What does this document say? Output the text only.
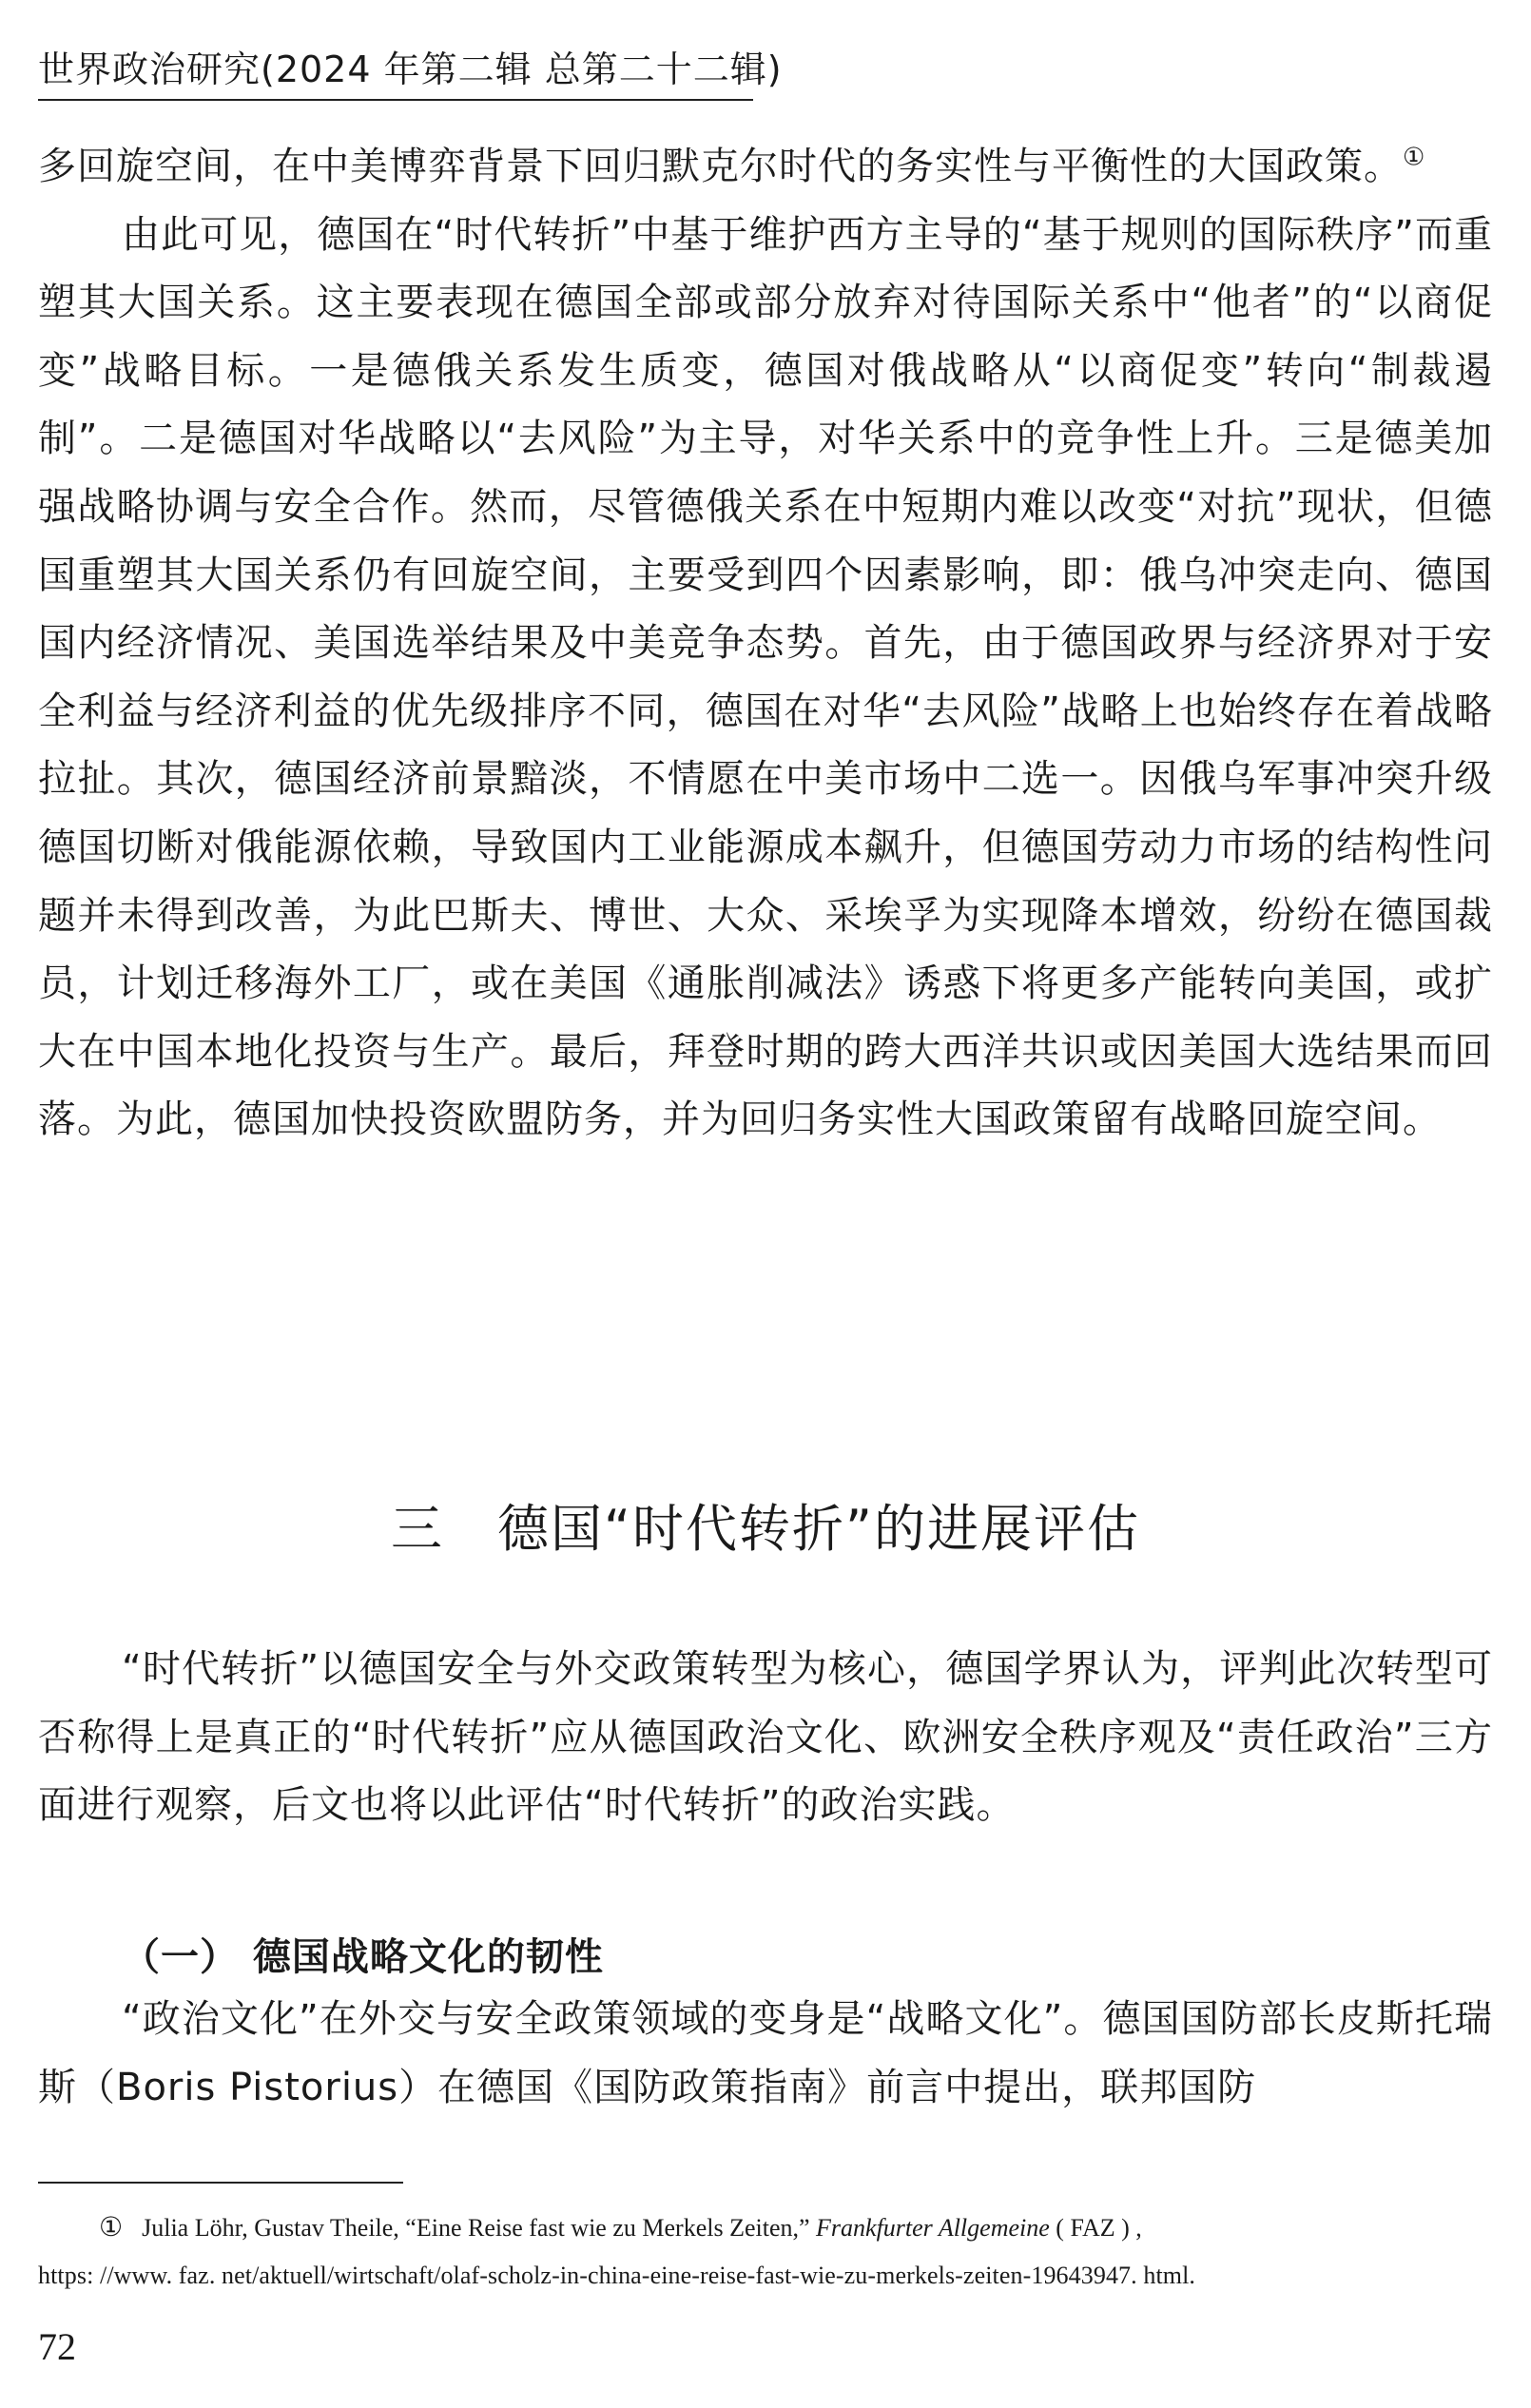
世界政治研究(2024 年第二辑 总第二十二辑)

多回旋空间，在中美博弈背景下回归默克尔时代的务实性与平衡性的大国政策。①

由此可见，德国在“时代转折”中基于维护西方主导的“基于规则的国际秩序”而重塑其大国关系。这主要表现在德国全部或部分放弃对待国际关系中“他者”的“以商促变”战略目标。一是德俄关系发生质变，德国对俄战略从“以商促变”转向“制裁遏制”。二是德国对华战略以“去风险”为主导，对华关系中的竞争性上升。三是德美加强战略协调与安全合作。然而，尽管德俄关系在中短期内难以改变“对抗”现状，但德国重塑其大国关系仍有回旋空间，主要受到四个因素影响，即：俄乌冲突走向、德国国内经济情况、美国选举结果及中美竞争态势。首先，由于德国政界与经济界对于安全利益与经济利益的优先级排序不同，德国在对华“去风险”战略上也始终存在着战略拉扯。其次，德国经济前景黯淡，不情愿在中美市场中二选一。因俄乌军事冲突升级德国切断对俄能源依赖，导致国内工业能源成本飙升，但德国劳动力市场的结构性问题并未得到改善，为此巴斯夫、博世、大众、采埃孚为实现降本增效，纷纷在德国裁员，计划迁移海外工厂，或在美国《通胀削减法》诱惑下将更多产能转向美国，或扩大在中国本地化投资与生产。最后，拜登时期的跨大西洋共识或因美国大选结果而回落。为此，德国加快投资欧盟防务，并为回归务实性大国政策留有战略回旋空间。

三 德国“时代转折”的进展评估

“时代转折”以德国安全与外交政策转型为核心，德国学界认为，评判此次转型可否称得上是真正的“时代转折”应从德国政治文化、欧洲安全秩序观及“责任政治”三方面进行观察，后文也将以此评估“时代转折”的政治实践。

（一） 德国战略文化的韧性

“政治文化”在外交与安全政策领域的变身是“战略文化”。德国国防部长皮斯托瑞斯（Boris Pistorius）在德国《国防政策指南》前言中提出，联邦国防

① Julia Löhr, Gustav Theile, “Eine Reise fast wie zu Merkels Zeiten,” Frankfurter Allgemeine ( FAZ ) ,
https: //www. faz. net/aktuell/wirtschaft/olaf-scholz-in-china-eine-reise-fast-wie-zu-merkels-zeiten-19643947. html.
72
